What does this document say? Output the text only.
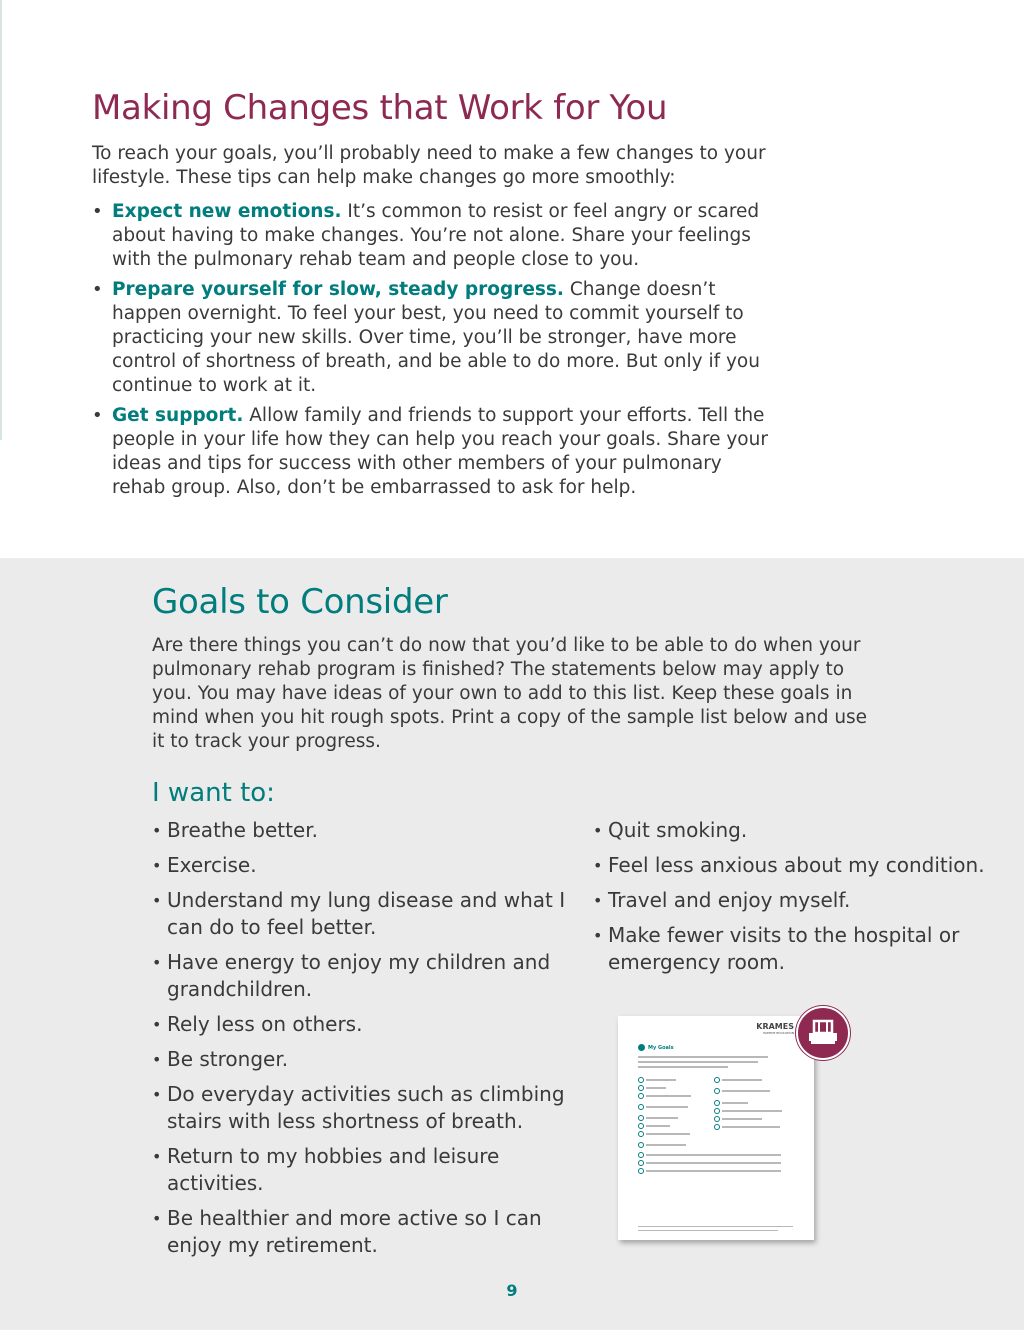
Making Changes that Work for You

To reach your goals, you’ll probably need to make a few changes to your lifestyle. These tips can help make changes go more smoothly:

• Expect new emotions. It’s common to resist or feel angry or scared about having to make changes. You’re not alone. Share your feelings with the pulmonary rehab team and people close to you.
• Prepare yourself for slow, steady progress. Change doesn’t happen overnight. To feel your best, you need to commit yourself to practicing your new skills. Over time, you’ll be stronger, have more control of shortness of breath, and be able to do more. But only if you continue to work at it.
• Get support. Allow family and friends to support your efforts. Tell the people in your life how they can help you reach your goals. Share your ideas and tips for success with other members of your pulmonary rehab group. Also, don’t be embarrassed to ask for help.
Goals to Consider

Are there things you can’t do now that you’d like to be able to do when your pulmonary rehab program is finished? The statements below may apply to you. You may have ideas of your own to add to this list. Keep these goals in mind when you hit rough spots. Print a copy of the sample list below and use it to track your progress.

I want to:
• Breathe better.
• Exercise.
• Understand my lung disease and what I can do to feel better.
• Have energy to enjoy my children and grandchildren.
• Rely less on others.
• Be stronger.
• Do everyday activities such as climbing stairs with less shortness of breath.
• Return to my hobbies and leisure activities.
• Be healthier and more active so I can enjoy my retirement.
• Quit smoking.
• Feel less anxious about my condition.
• Travel and enjoy myself.
• Make fewer visits to the hospital or emergency room.
KRAMES
PATIENT EDUCATION
My Goals
9
